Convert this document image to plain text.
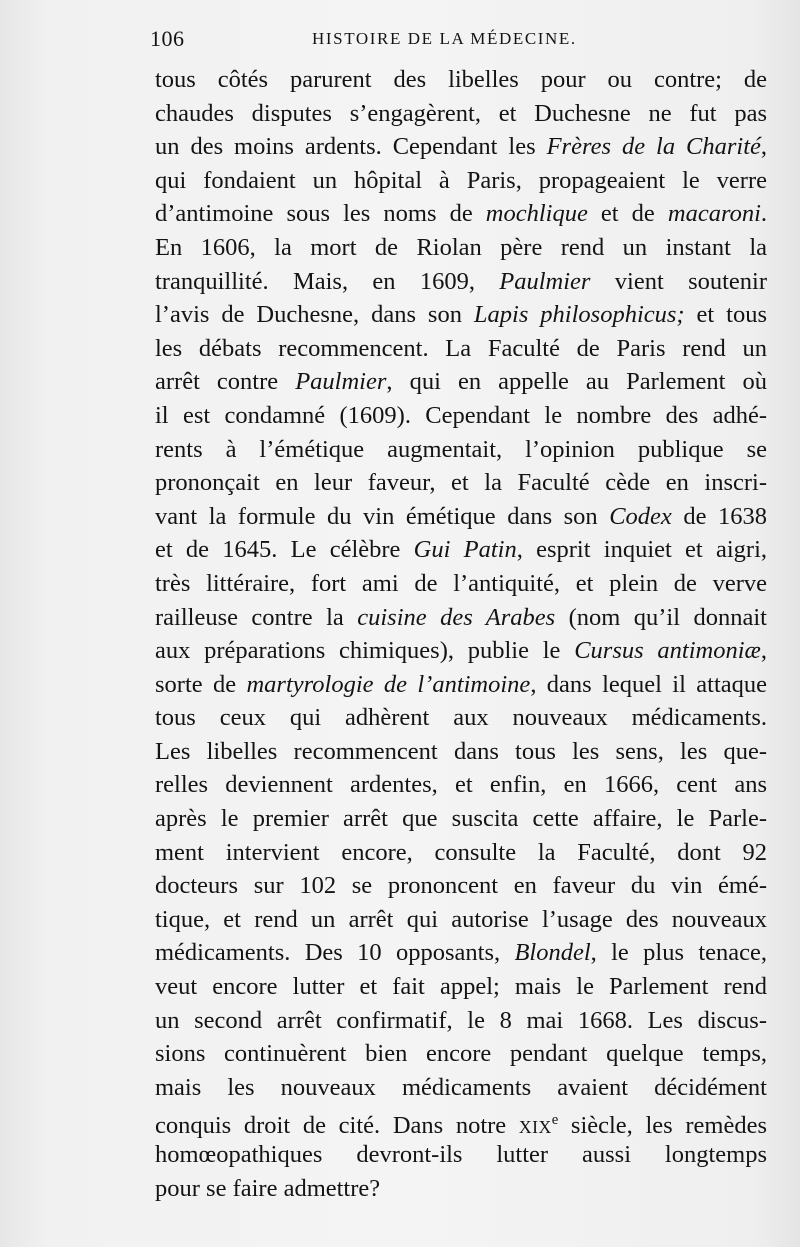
106	HISTOIRE DE LA MÉDECINE.
tous côtés parurent des libelles pour ou contre; de
chaudes disputes s’engagèrent, et Duchesne ne fut pas
un des moins ardents. Cependant les Frères de la Charité,
qui fondaient un hôpital à Paris, propageaient le verre
d’antimoine sous les noms de mochlique et de macaroni.
En 1606, la mort de Riolan père rend un instant la
tranquillité. Mais, en 1609, Paulmier vient soutenir
l’avis de Duchesne, dans son Lapis philosophicus; et tous
les débats recommencent. La Faculté de Paris rend un
arrêt contre Paulmier, qui en appelle au Parlement où
il est condamné (1609). Cependant le nombre des adhé-
rents à l’émétique augmentait, l’opinion publique se
prononçait en leur faveur, et la Faculté cède en inscri-
vant la formule du vin émétique dans son Codex de 1638
et de 1645. Le célèbre Gui Patin, esprit inquiet et aigri,
très littéraire, fort ami de l’antiquité, et plein de verve
railleuse contre la cuisine des Arabes (nom qu’il donnait
aux préparations chimiques), publie le Cursus antimoniæ,
sorte de martyrologie de l’antimoine, dans lequel il attaque
tous ceux qui adhèrent aux nouveaux médicaments.
Les libelles recommencent dans tous les sens, les que-
relles deviennent ardentes, et enfin, en 1666, cent ans
après le premier arrêt que suscita cette affaire, le Parle-
ment intervient encore, consulte la Faculté, dont 92
docteurs sur 102 se prononcent en faveur du vin émé-
tique, et rend un arrêt qui autorise l’usage des nouveaux
médicaments. Des 10 opposants, Blondel, le plus tenace,
veut encore lutter et fait appel; mais le Parlement rend
un second arrêt confirmatif, le 8 mai 1668. Les discus-
sions continuèrent bien encore pendant quelque temps,
mais les nouveaux médicaments avaient décidément
conquis droit de cité. Dans notre XIXe siècle, les remèdes
homœopathiques devront-ils lutter aussi longtemps
pour se faire admettre?
